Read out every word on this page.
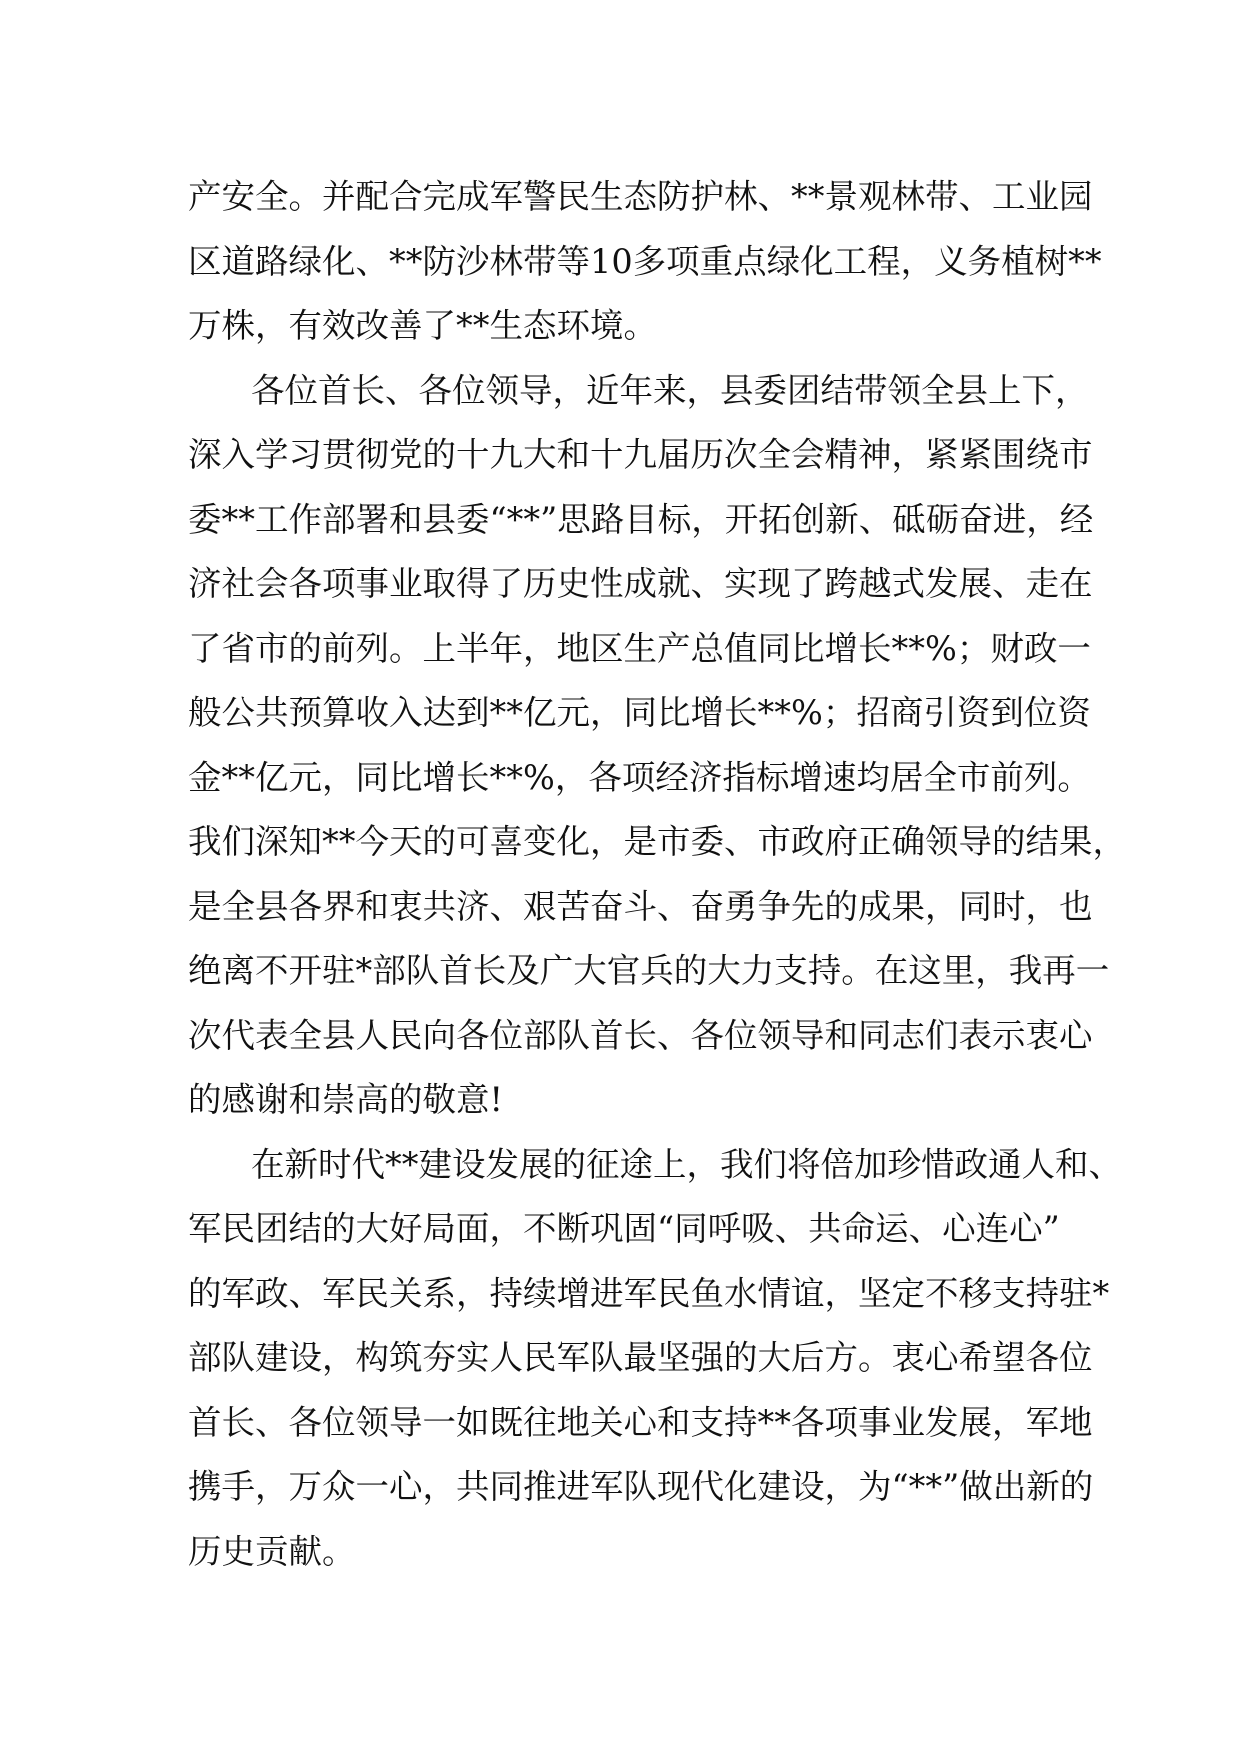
产安全。并配合完成军警民生态防护林、**景观林带、工业园
区道路绿化、**防沙林带等10多项重点绿化工程，义务植树**
万株，有效改善了**生态环境。
各位首长、各位领导，近年来，县委团结带领全县上下，
深入学习贯彻党的十九大和十九届历次全会精神，紧紧围绕市
委**工作部署和县委“**”思路目标，开拓创新、砥砺奋进，经
济社会各项事业取得了历史性成就、实现了跨越式发展、走在
了省市的前列。上半年，地区生产总值同比增长**%；财政一
般公共预算收入达到**亿元，同比增长**%；招商引资到位资
金**亿元，同比增长**%，各项经济指标增速均居全市前列。
我们深知**今天的可喜变化，是市委、市政府正确领导的结果，
是全县各界和衷共济、艰苦奋斗、奋勇争先的成果，同时，也
绝离不开驻*部队首长及广大官兵的大力支持。在这里，我再一
次代表全县人民向各位部队首长、各位领导和同志们表示衷心
的感谢和崇高的敬意!
在新时代**建设发展的征途上，我们将倍加珍惜政通人和、
军民团结的大好局面，不断巩固“同呼吸、共命运、心连心”
的军政、军民关系，持续增进军民鱼水情谊，坚定不移支持驻*
部队建设，构筑夯实人民军队最坚强的大后方。衷心希望各位
首长、各位领导一如既往地关心和支持**各项事业发展，军地
携手，万众一心，共同推进军队现代化建设，为“**”做出新的
历史贡献。
